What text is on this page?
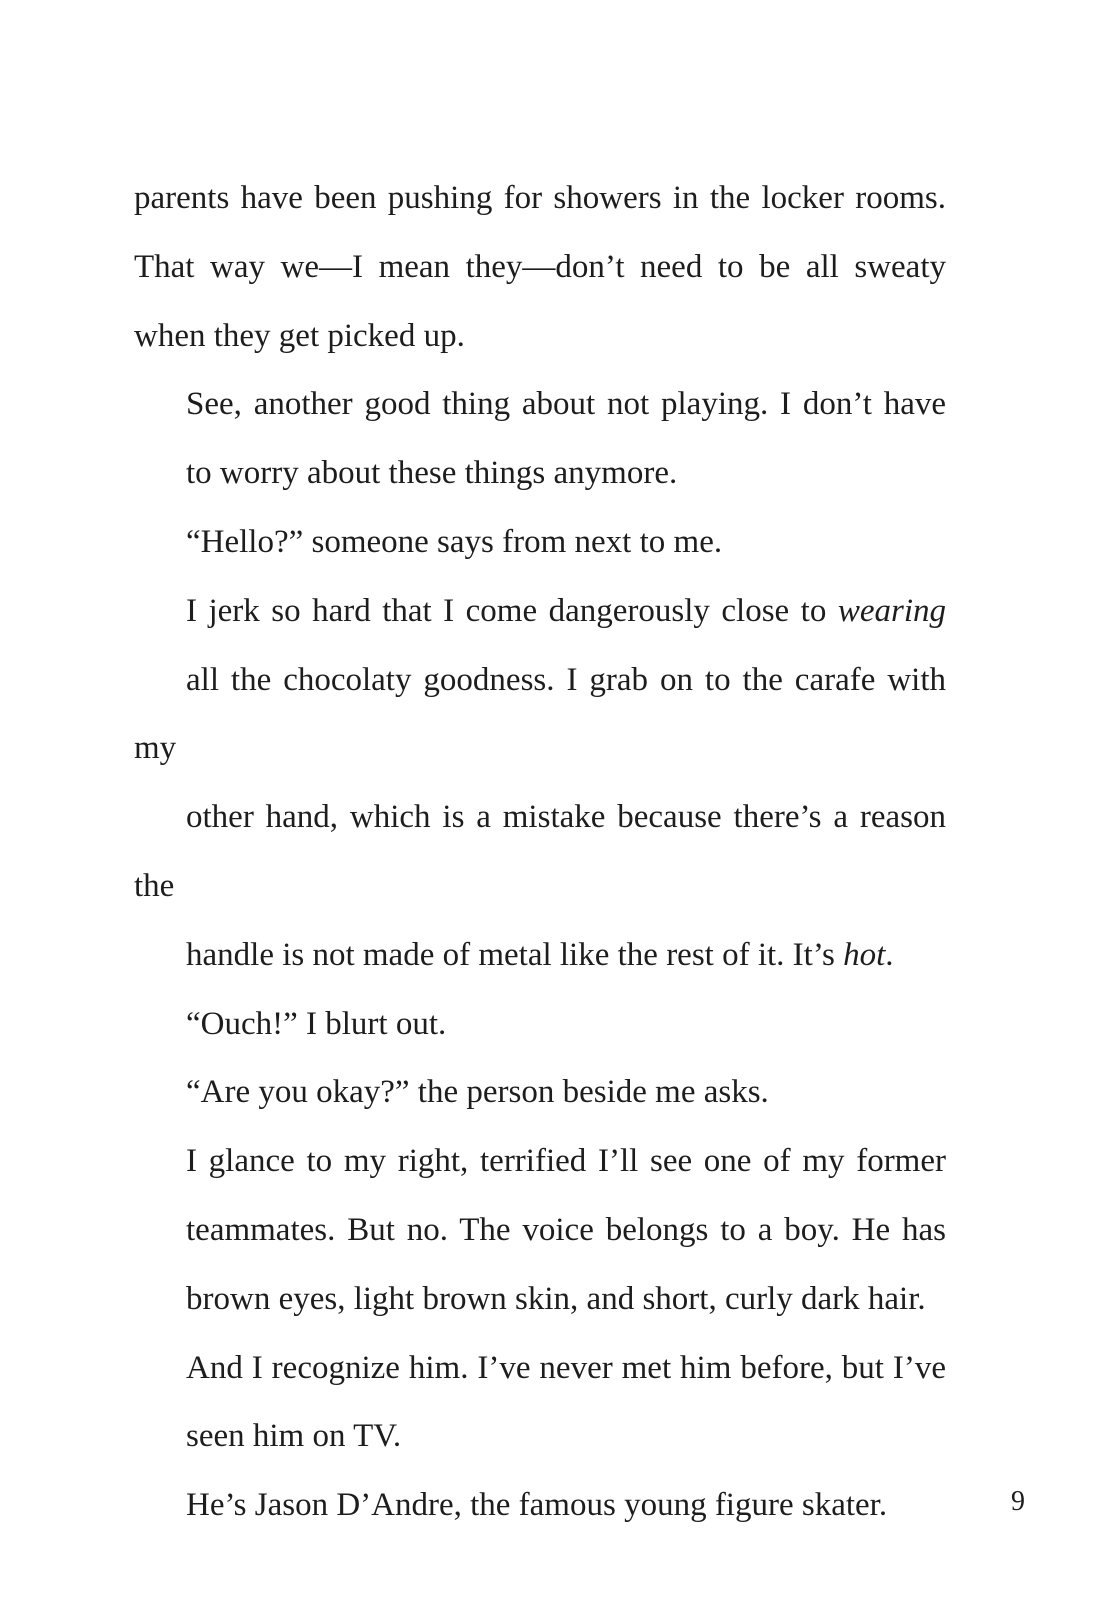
parents have been pushing for showers in the locker rooms.
That way we—I mean they—don’t need to be all sweaty
when they get picked up.

See, another good thing about not playing. I don’t have
to worry about these things anymore.

“Hello?” someone says from next to me.

I jerk so hard that I come dangerously close to wearing
all the chocolaty goodness. I grab on to the carafe with my
other hand, which is a mistake because there’s a reason the
handle is not made of metal like the rest of it. It’s hot.

“Ouch!” I blurt out.

“Are you okay?” the person beside me asks.

I glance to my right, terrified I’ll see one of my former
teammates. But no. The voice belongs to a boy. He has
brown eyes, light brown skin, and short, curly dark hair.

And I recognize him. I’ve never met him before, but I’ve
seen him on TV.

He’s Jason D’Andre, the famous young figure skater.	9
